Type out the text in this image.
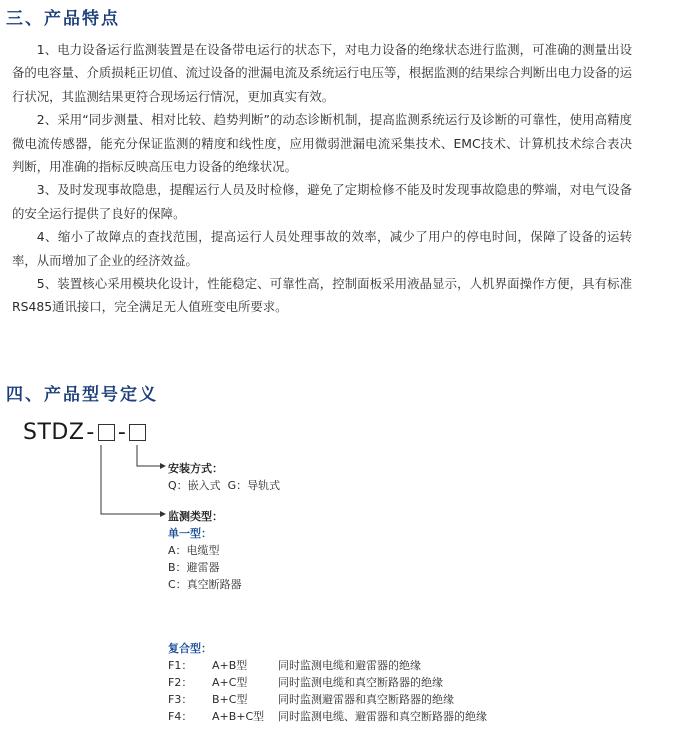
三、产品特点

1、电力设备运行监测装置是在设备带电运行的状态下，对电力设备的绝缘状态进行监测，可准确的测量出设备的电容量、介质损耗正切值、流过设备的泄漏电流及系统运行电压等，根据监测的结果综合判断出电力设备的运行状况，其监测结果更符合现场运行情况，更加真实有效。

2、采用“同步测量、相对比较、趋势判断”的动态诊断机制，提高监测系统运行及诊断的可靠性，使用高精度微电流传感器，能充分保证监测的精度和线性度，应用微弱泄漏电流采集技术、EMC技术、计算机技术综合表决判断，用准确的指标反映高压电力设备的绝缘状况。

3、及时发现事故隐患，提醒运行人员及时检修，避免了定期检修不能及时发现事故隐患的弊端，对电气设备的安全运行提供了良好的保障。

4、缩小了故障点的查找范围，提高运行人员处理事故的效率，减少了用户的停电时间，保障了设备的运转率，从而增加了企业的经济效益。

5、装置核心采用模块化设计，性能稳定、可靠性高，控制面板采用液晶显示，人机界面操作方便，具有标准RS485通讯接口，完全满足无人值班变电所要求。

四、产品型号定义
STDZ - -
安装方式：
Q：嵌入式  G：导轨式
监测类型：
单一型：
A：电缆型
B：避雷器
C：真空断路器
复合型：
F1：	A+B型	同时监测电缆和避雷器的绝缘
F2：	A+C型	同时监测电缆和真空断路器的绝缘
F3：	B+C型	同时监测避雷器和真空断路器的绝缘
F4：	A+B+C型	同时监测电缆、避雷器和真空断路器的绝缘
